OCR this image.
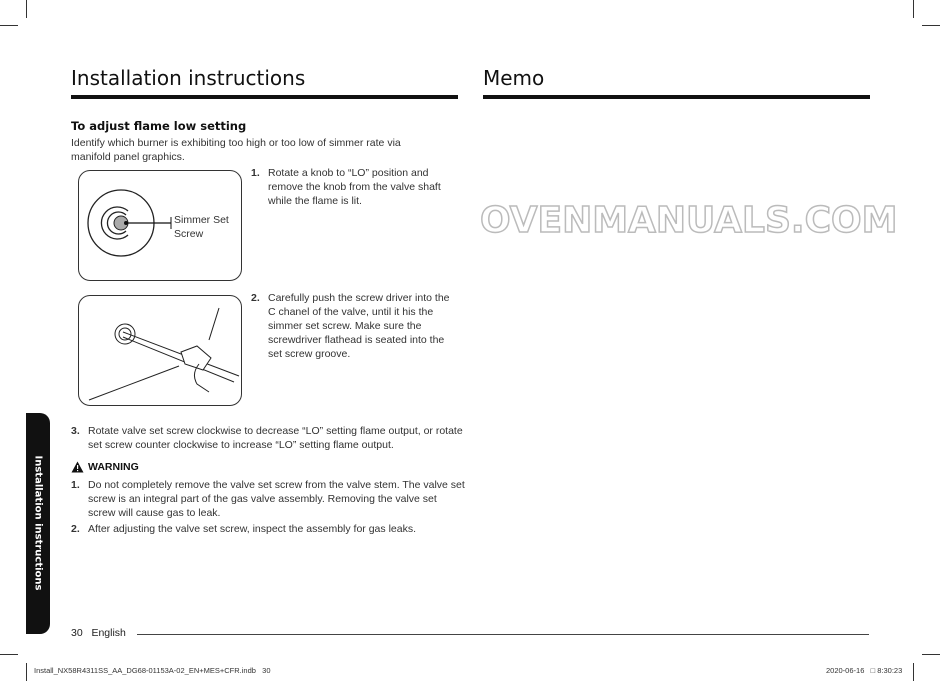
Installation instructions	Memo
Installation instructions
To adjust flame low setting
Identify which burner is exhibiting too high or too low of simmer rate via manifold panel graphics.
Simmer Set
Screw
1. Rotate a knob to “LO” position and remove the knob from the valve shaft while the flame is lit.
2. Carefully push the screw driver into the C chanel of the valve, until it his the simmer set screw. Make sure the screwdriver flathead is seated into the set screw groove.
OVENMANUALS.COM
3. Rotate valve set screw clockwise to decrease “LO” setting flame output, or rotate set screw counter clockwise to increase “LO” setting flame output.
WARNING
1. Do not completely remove the valve set screw from the valve stem. The valve set screw is an integral part of the gas valve assembly. Removing the valve set screw will cause gas to leak.
2. After adjusting the valve set screw, inspect the assembly for gas leaks.
30 English
Install_NX58R4311SS_AA_DG68-01153A-02_EN+MES+CFR.indb   30	2020-06-16   □ 8:30:23
